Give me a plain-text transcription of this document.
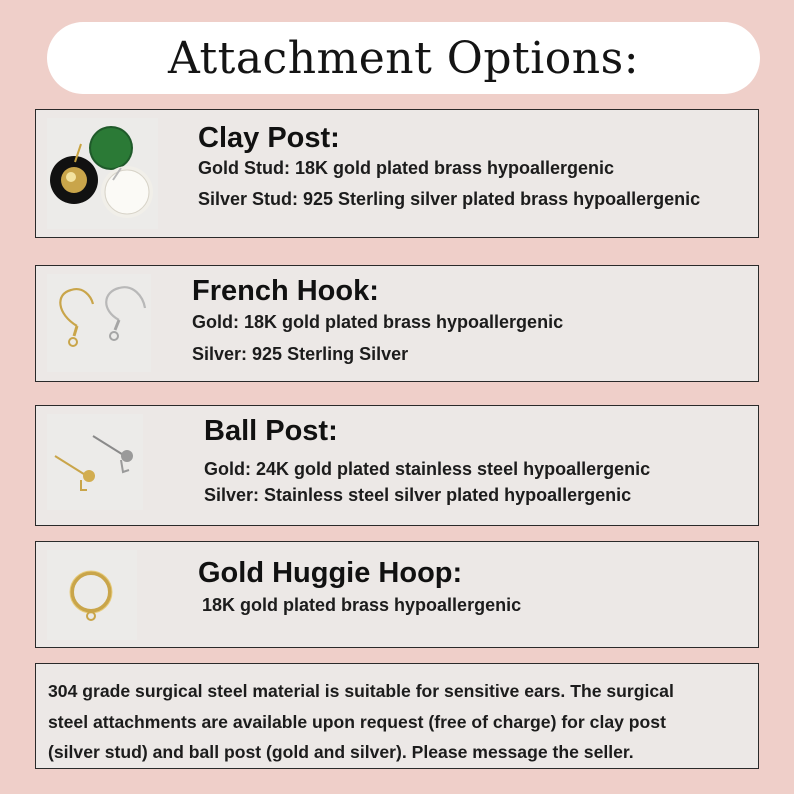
Attachment Options:
Clay Post:
Gold Stud: 18K gold plated brass hypoallergenic
Silver Stud: 925 Sterling silver plated brass hypoallergenic
French Hook:
Gold: 18K gold plated brass hypoallergenic
Silver: 925 Sterling Silver
Ball Post:
Gold: 24K gold plated stainless steel hypoallergenic
Silver: Stainless steel silver plated hypoallergenic
Gold Huggie Hoop:
18K gold plated brass hypoallergenic
304 grade surgical steel material is suitable for sensitive ears. The surgical
steel attachments are available upon request (free of charge) for clay post
(silver stud) and ball post (gold and silver). Please message the seller.
